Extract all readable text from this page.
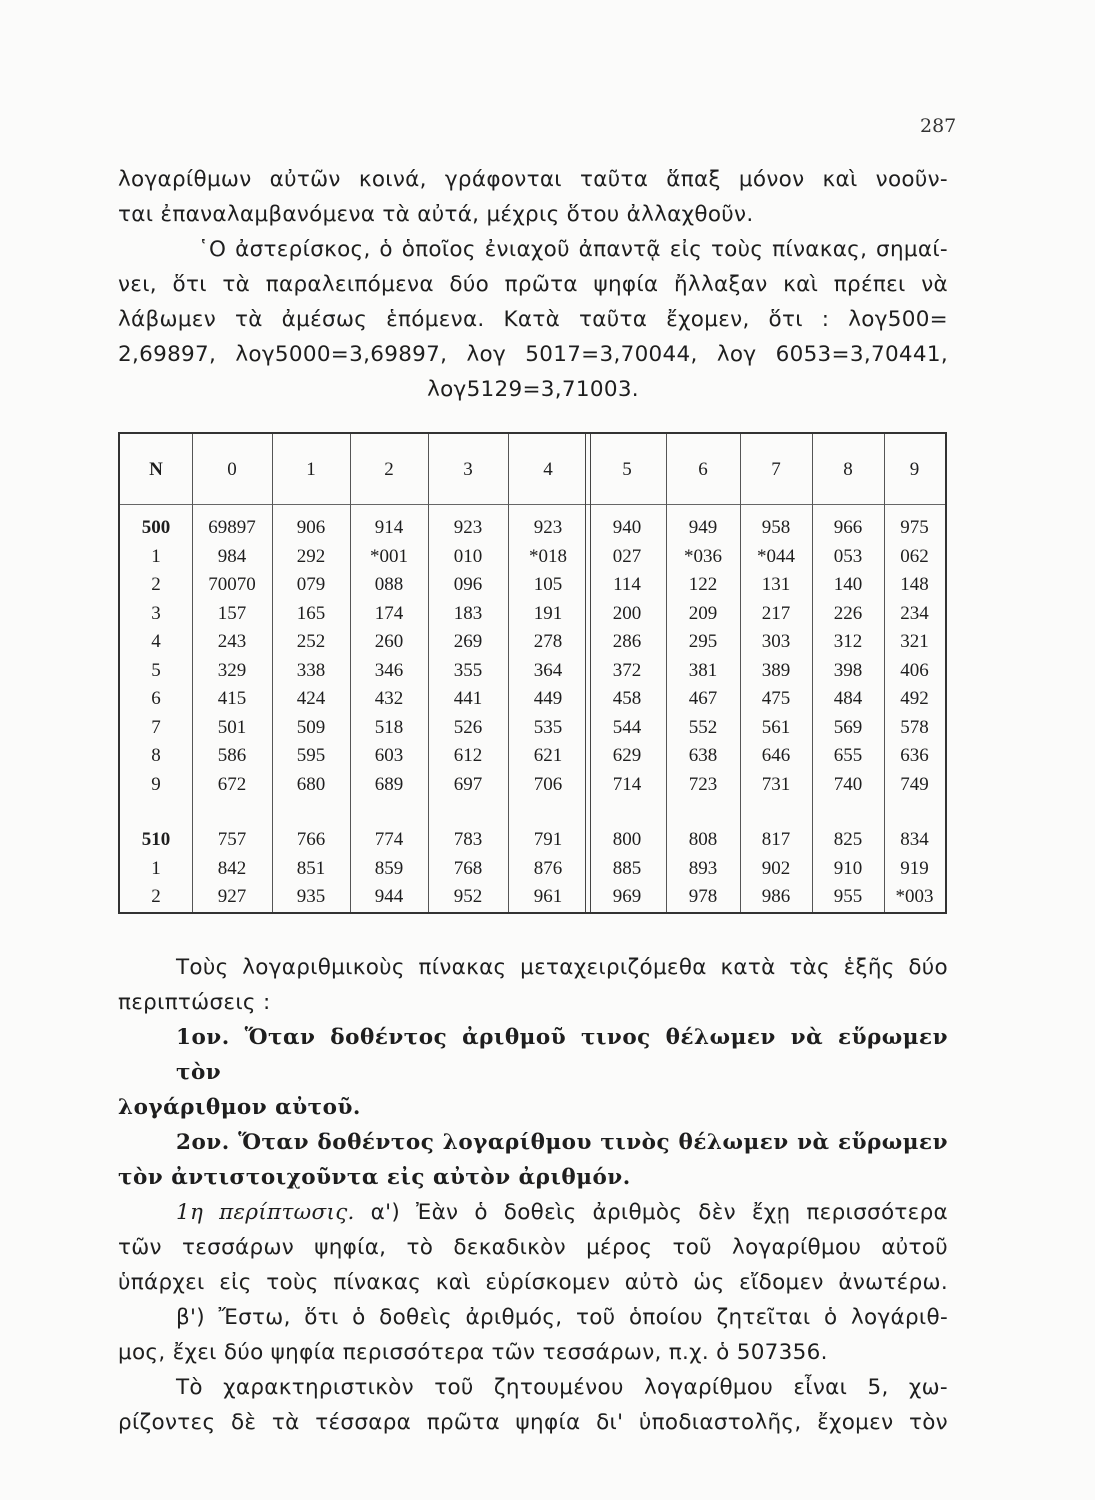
287
λογαρίθμων αὐτῶν κοινά, γράφονται ταῦτα ἅπαξ μόνον καὶ νοοῦν-
ται ἐπαναλαμβανόμενα τὰ αὐτά, μέχρις ὅτου ἀλλαχθοῦν.
῾Ο ἀστερίσκος, ὁ ὁποῖος ἐνιαχοῦ ἀπαντᾷ εἰς τοὺς πίνακας, σημαί-
νει, ὅτι τὰ παραλειπόμενα δύο πρῶτα ψηφία ἤλλαξαν καὶ πρέπει νὰ
λάβωμεν τὰ ἀμέσως ἑπόμενα. Κατὰ ταῦτα ἔχομεν, ὅτι : λογ500=
2,69897, λογ5000=3,69897, λογ 5017=3,70044, λογ 6053=3,70441,
λογ5129=3,71003.
N	0	1	2	3	4	5	6	7	8	9
500	69897	906	914	923	923	940	949	958	966	975
1	984	292	*001	010	*018	027	*036	*044	053	062
2	70070	079	088	096	105	114	122	131	140	148
3	157	165	174	183	191	200	209	217	226	234
4	243	252	260	269	278	286	295	303	312	321
5	329	338	346	355	364	372	381	389	398	406
6	415	424	432	441	449	458	467	475	484	492
7	501	509	518	526	535	544	552	561	569	578
8	586	595	603	612	621	629	638	646	655	636
9	672	680	689	697	706	714	723	731	740	749
510	757	766	774	783	791	800	808	817	825	834
1	842	851	859	768	876	885	893	902	910	919
2	927	935	944	952	961	969	978	986	955	*003
Τοὺς λογαριθμικοὺς πίνακας μεταχειριζόμεθα κατὰ τὰς ἑξῆς δύο
περιπτώσεις :
1ον. Ὅταν δοθέντος ἀριθμοῦ τινος θέλωμεν νὰ εὕρωμεν τὸν
λογάριθμον αὐτοῦ.
2ον. Ὅταν δοθέντος λογαρίθμου τινὸς θέλωμεν νὰ εὕρωμεν
τὸν ἀντιστοιχοῦντα εἰς αὐτὸν ἀριθμόν.
1η περίπτωσις. α') Ἐὰν ὁ δοθεὶς ἀριθμὸς δὲν ἔχῃ περισσότερα
τῶν τεσσάρων ψηφία, τὸ δεκαδικὸν μέρος τοῦ λογαρίθμου αὐτοῦ
ὑπάρχει εἰς τοὺς πίνακας καὶ εὑρίσκομεν αὐτὸ ὡς εἴδομεν ἀνωτέρω.
β') Ἔστω, ὅτι ὁ δοθεὶς ἀριθμός, τοῦ ὁποίου ζητεῖται ὁ λογάριθ-
μος, ἔχει δύο ψηφία περισσότερα τῶν τεσσάρων, π.χ. ὁ 507356.
Τὸ χαρακτηριστικὸν τοῦ ζητουμένου λογαρίθμου εἶναι 5, χω-
ρίζοντες δὲ τὰ τέσσαρα πρῶτα ψηφία δι' ὑποδιαστολῆς, ἔχομεν τὸν
